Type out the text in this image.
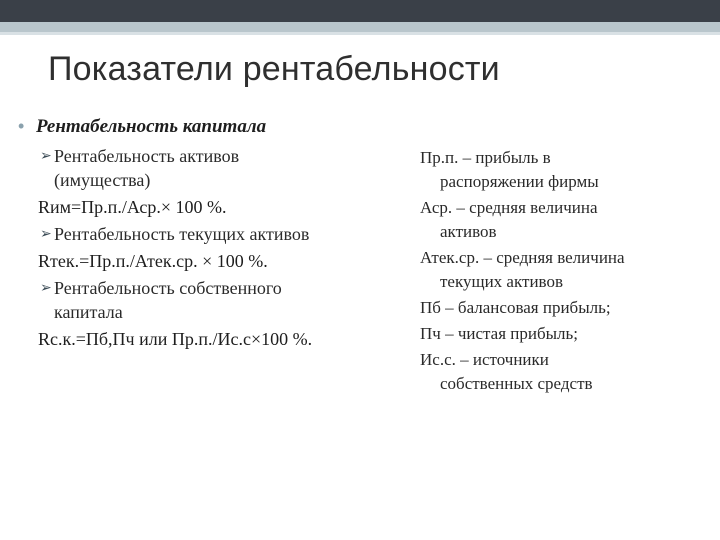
Показатели рентабельности
• Рентабельность капитала
➢ Рентабельность активов
(имущества)
Rим=Пр.п./Аср.× 100 %.
➢ Рентабельность текущих активов
Rтек.=Пр.п./Атек.ср. × 100 %.
➢ Рентабельность собственного
капитала
Rс.к.=Пб,Пч или Пр.п./Ис.с×100 %.
Пр.п. – прибыль в
распоряжении фирмы
Аср. – средняя величина
активов
Атек.ср. – средняя величина
текущих активов
Пб – балансовая прибыль;
Пч – чистая прибыль;
Ис.с. – источники
собственных средств
